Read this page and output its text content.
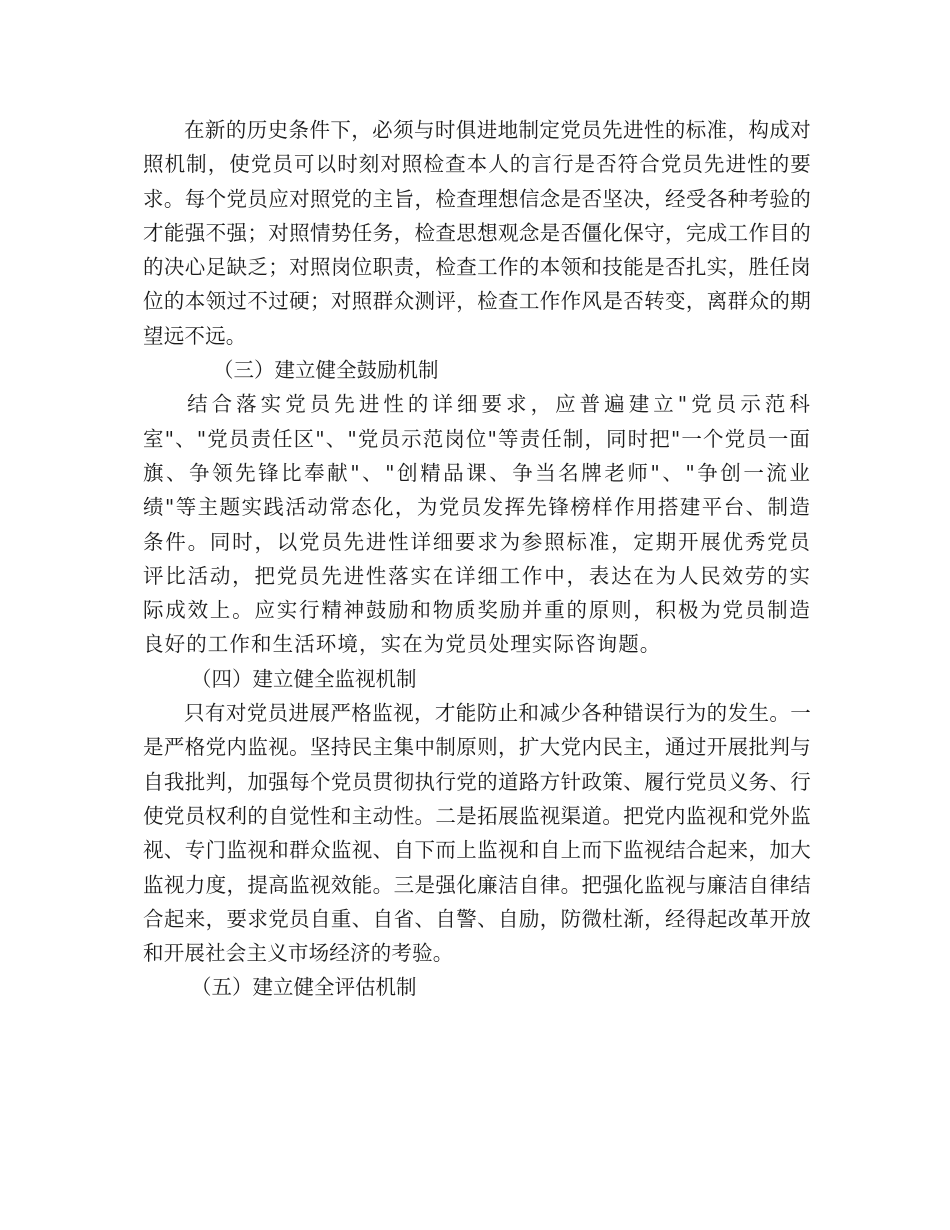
在新的历史条件下，必须与时俱进地制定党员先进性的标准，构成对照机制，使党员可以时刻对照检查本人的言行是否符合党员先进性的要求。每个党员应对照党的主旨，检查理想信念是否坚决，经受各种考验的才能强不强；对照情势任务，检查思想观念是否僵化保守，完成工作目的的决心足缺乏；对照岗位职责，检查工作的本领和技能是否扎实，胜任岗位的本领过不过硬；对照群众测评，检查工作作风是否转变，离群众的期望远不远。

（三）建立健全鼓励机制

结合落实党员先进性的详细要求，应普遍建立"党员示范科室"、"党员责任区"、"党员示范岗位"等责任制，同时把"一个党员一面旗、争领先锋比奉献"、"创精品课、争当名牌老师"、"争创一流业绩"等主题实践活动常态化，为党员发挥先锋榜样作用搭建平台、制造条件。同时，以党员先进性详细要求为参照标准，定期开展优秀党员评比活动，把党员先进性落实在详细工作中，表达在为人民效劳的实际成效上。应实行精神鼓励和物质奖励并重的原则，积极为党员制造良好的工作和生活环境，实在为党员处理实际咨询题。

（四）建立健全监视机制

只有对党员进展严格监视，才能防止和减少各种错误行为的发生。一是严格党内监视。坚持民主集中制原则，扩大党内民主，通过开展批判与自我批判，加强每个党员贯彻执行党的道路方针政策、履行党员义务、行使党员权利的自觉性和主动性。二是拓展监视渠道。把党内监视和党外监视、专门监视和群众监视、自下而上监视和自上而下监视结合起来，加大监视力度，提高监视效能。三是强化廉洁自律。把强化监视与廉洁自律结合起来，要求党员自重、自省、自警、自励，防微杜渐，经得起改革开放和开展社会主义市场经济的考验。

（五）建立健全评估机制
